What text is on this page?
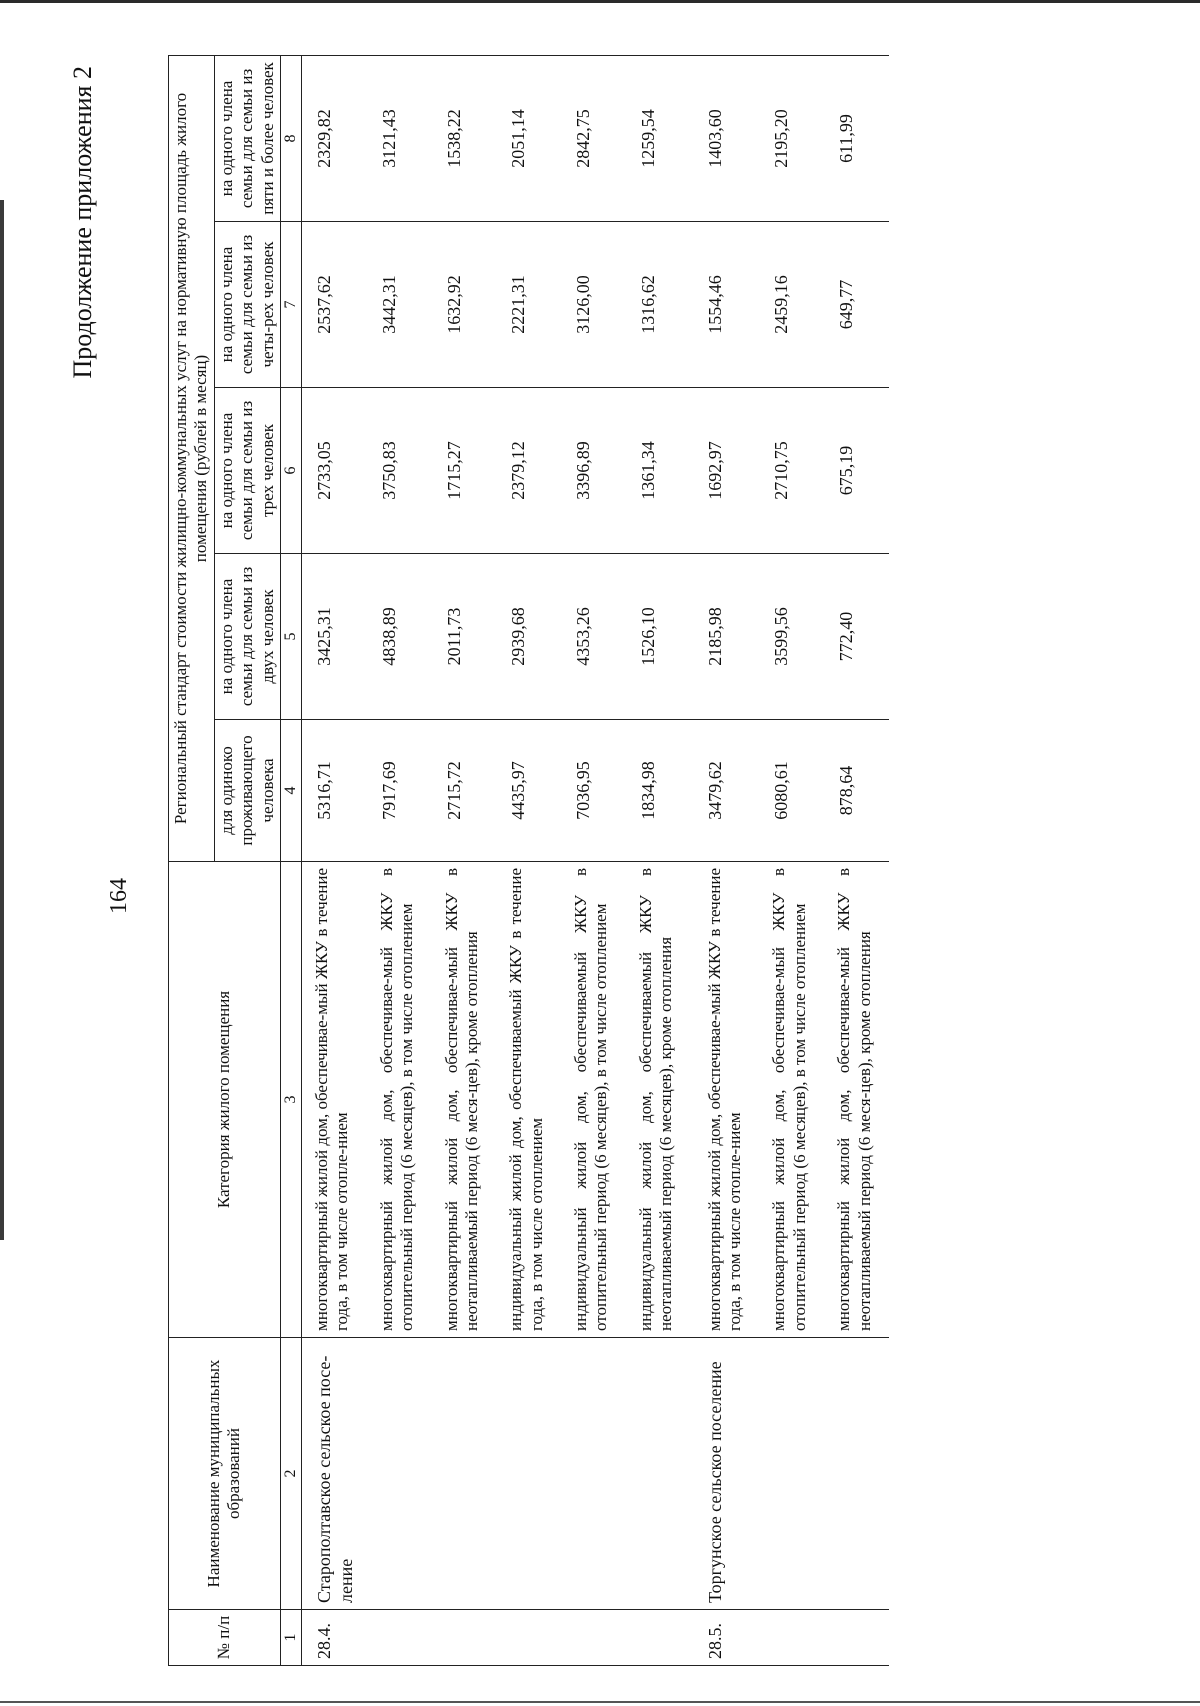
164
Продолжение приложения 2
№ п/п	Наименование муниципальных образований	Категория жилого помещения	Региональный стандарт стоимости жилищно-коммунальных услуг на нормативную площадь жилого помещения (рублей в месяц)				
			для одиноко проживающего человека	на одного члена семьи для семьи из двух человек	на одного члена семьи для семьи из трех человек	на одного члена семьи для семьи из четы-рех человек	на одного члена семьи для семьи из пяти и более человек
1	2	3	4	5	6	7	8
28.4.	Старополтавское сельское посе-ление	многоквартирный жилой дом, обеспечивае-мый ЖКУ в течение года, в том числе отопле-нием	5316,71	3425,31	2733,05	2537,62	2329,82
		многоквартирный жилой дом, обеспечивае-мый ЖКУ в отопительный период (6 месяцев), в том числе отоплением	7917,69	4838,89	3750,83	3442,31	3121,43
		многоквартирный жилой дом, обеспечивае-мый ЖКУ в неотапливаемый период (6 меся-цев), кроме отопления	2715,72	2011,73	1715,27	1632,92	1538,22
		индивидуальный жилой дом, обеспечиваемый ЖКУ в течение года, в том числе отоплением	4435,97	2939,68	2379,12	2221,31	2051,14
		индивидуальный жилой дом, обеспечиваемый ЖКУ в отопительный период (6 месяцев), в том числе отоплением	7036,95	4353,26	3396,89	3126,00	2842,75
		индивидуальный жилой дом, обеспечиваемый ЖКУ в неотапливаемый период (6 месяцев), кроме отопления	1834,98	1526,10	1361,34	1316,62	1259,54
28.5.	Торгунское сельское поселение	многоквартирный жилой дом, обеспечивае-мый ЖКУ в течение года, в том числе отопле-нием	3479,62	2185,98	1692,97	1554,46	1403,60
		многоквартирный жилой дом, обеспечивае-мый ЖКУ в отопительный период (6 месяцев), в том числе отоплением	6080,61	3599,56	2710,75	2459,16	2195,20
		многоквартирный жилой дом, обеспечивае-мый ЖКУ в неотапливаемый период (6 меся-цев), кроме отопления	878,64	772,40	675,19	649,77	611,99
